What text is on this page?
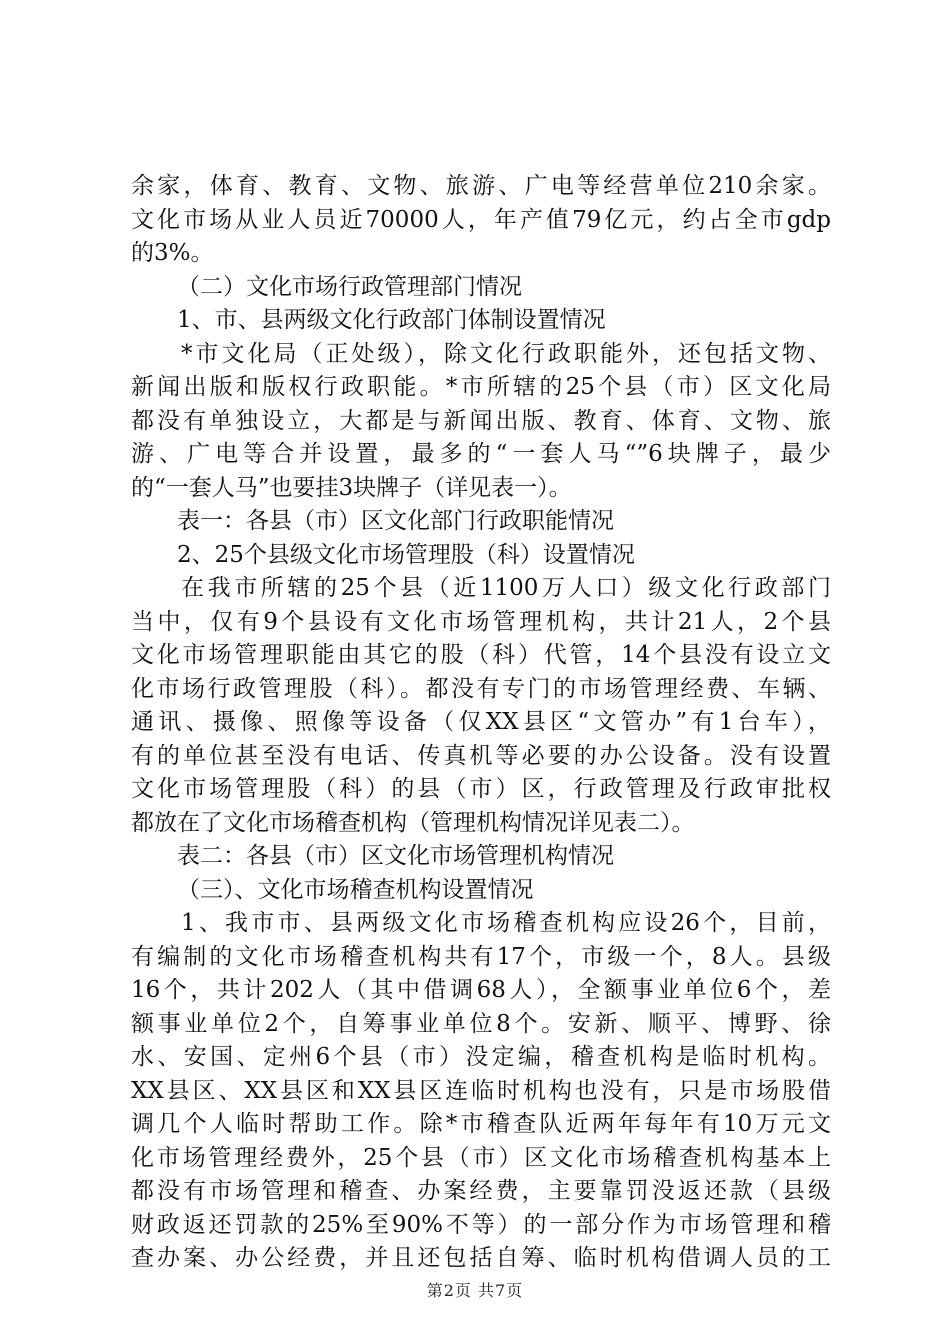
余家，体育、教育、文物、旅游、广电等经营单位210余家。
文化市场从业人员近70000人，年产值79亿元，约占全市gdp
的3%。
（二）文化市场行政管理部门情况
1、市、县两级文化行政部门体制设置情况
*市文化局（正处级），除文化行政职能外，还包括文物、
新闻出版和版权行政职能。*市所辖的25个县（市）区文化局
都没有单独设立，大都是与新闻出版、教育、体育、文物、旅
游、广电等合并设置，最多的“一套人马“”6块牌子，最少
的“一套人马”也要挂3块牌子（详见表一）。
表一：各县（市）区文化部门行政职能情况
2、25个县级文化市场管理股（科）设置情况
在我市所辖的25个县（近1100万人口）级文化行政部门
当中，仅有9个县设有文化市场管理机构，共计21人，2个县
文化市场管理职能由其它的股（科）代管，14个县没有设立文
化市场行政管理股（科）。都没有专门的市场管理经费、车辆、
通讯、摄像、照像等设备（仅XX县区“文管办”有1台车），
有的单位甚至没有电话、传真机等必要的办公设备。没有设置
文化市场管理股（科）的县（市）区，行政管理及行政审批权
都放在了文化市场稽查机构（管理机构情况详见表二）。
表二：各县（市）区文化市场管理机构情况
（三）、文化市场稽查机构设置情况
1、我市市、县两级文化市场稽查机构应设26个，目前，
有编制的文化市场稽查机构共有17个，市级一个，8人。县级
16个，共计202人（其中借调68人），全额事业单位6个，差
额事业单位2个，自筹事业单位8个。安新、顺平、博野、徐
水、安国、定州6个县（市）没定编，稽查机构是临时机构。
XX县区、XX县区和XX县区连临时机构也没有，只是市场股借
调几个人临时帮助工作。除*市稽查队近两年每年有10万元文
化市场管理经费外，25个县（市）区文化市场稽查机构基本上
都没有市场管理和稽查、办案经费，主要靠罚没返还款（县级
财政返还罚款的25%至90%不等）的一部分作为市场管理和稽
查办案、办公经费，并且还包括自筹、临时机构借调人员的工
第2页 共7页
